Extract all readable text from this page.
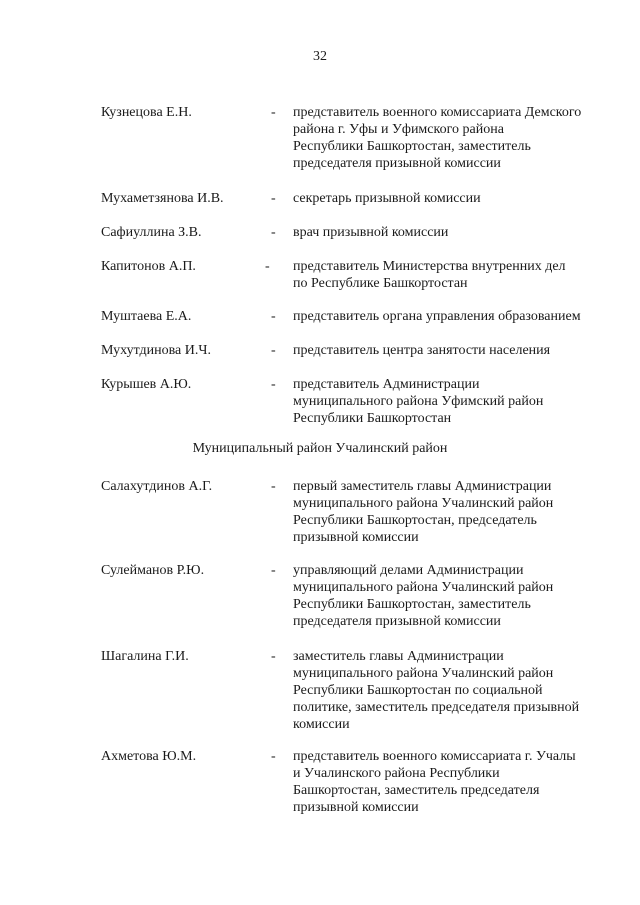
32
Кузнецова Е.Н.	- представитель военного комиссариата Демского
района г. Уфы и Уфимского района
Республики Башкортостан, заместитель
председателя призывной комиссии
Мухаметзянова И.В.	- секретарь призывной комиссии
Сафиуллина З.В.	- врач призывной комиссии
Капитонов А.П.	- представитель Министерства внутренних дел
по Республике Башкортостан
Муштаева Е.А.	- представитель органа управления образованием
Мухутдинова И.Ч.	- представитель центра занятости населения
Курышев А.Ю.	- представитель Администрации
муниципального района Уфимский район
Республики Башкортостан
Муниципальный район Учалинский район
Салахутдинов А.Г.	- первый заместитель главы Администрации
муниципального района Учалинский район
Республики Башкортостан, председатель
призывной комиссии
Сулейманов Р.Ю.	- управляющий делами Администрации
муниципального района Учалинский район
Республики Башкортостан, заместитель
председателя призывной комиссии
Шагалина Г.И.	- заместитель главы Администрации
муниципального района Учалинский район
Республики Башкортостан по социальной
политике, заместитель председателя призывной
комиссии
Ахметова Ю.М.	- представитель военного комиссариата г. Учалы
и Учалинского района Республики
Башкортостан, заместитель председателя
призывной комиссии
